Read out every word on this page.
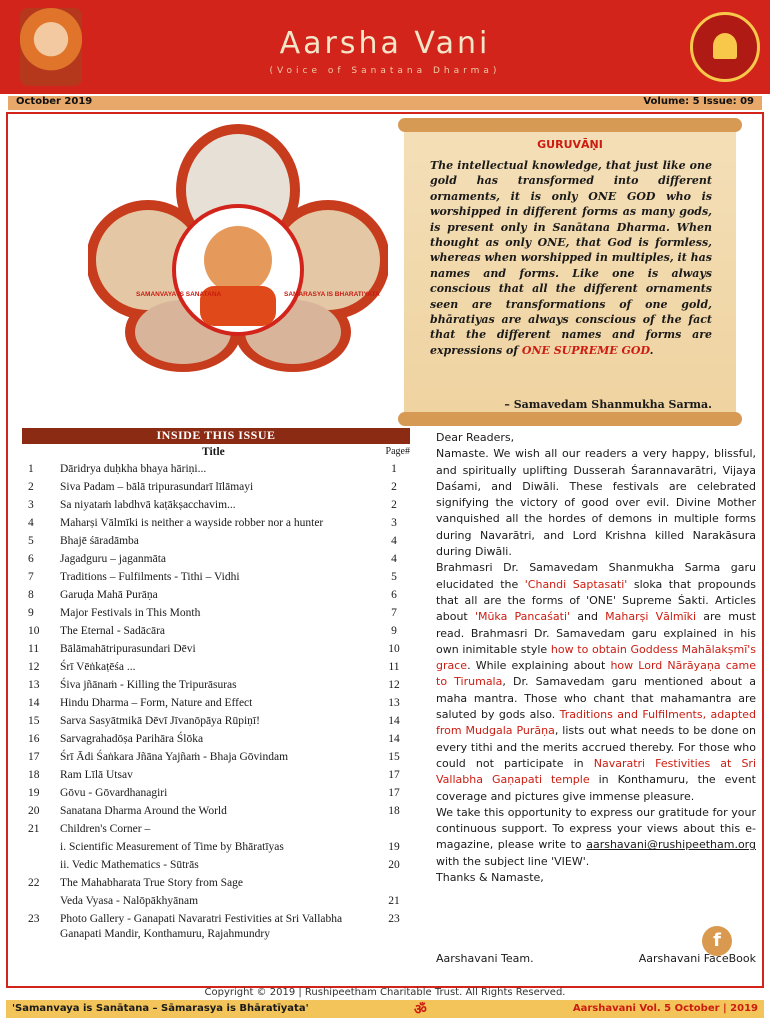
Aarsha Vani
(Voice of Sanatana Dharma)
October 2019	Volume: 5 Issue: 09
SAMANVAYA IS SANATANA	SAMARASYA IS BHARATIYATA
GURUVĀṆI
The intellectual knowledge, that just like one gold has transformed into different ornaments, it is only ONE GOD who is worshipped in different forms as many gods, is present only in Sanātana Dharma. When thought as only ONE, that God is formless, whereas when worshipped in multiples, it has names and forms. Like one is always conscious that all the different ornaments seen are transformations of one gold, bhāratiyas are always conscious of the fact that the different names and forms are expressions of ONE SUPREME GOD.
– Samavedam Shanmukha Sarma.
INSIDE THIS ISSUE
Title	Page#
1	Dāridrya duḥkha bhaya hāriṇi...	1
2	Siva Padam – bālā tripurasundarī līlāmayi	2
3	Sa niyataṁ labdhvā kaṭākṣacchavim...	2
4	Maharṣi Vālmīki is neither a wayside robber nor a hunter	3
5	Bhajē śāradāmba	4
6	Jagadguru – jaganmāta	4
7	Traditions – Fulfilments - Tithi – Vidhi	5
8	Garuḍa Mahā Purāṇa	6
9	Major Festivals in This Month	7
10	The Eternal - Sadācāra	9
11	Bālāmahātripurasundari Dēvi	10
12	Śrī Vēṅkaṭēśa ...	11
13	Śiva jñānaṁ - Killing the Tripurāsuras	12
14	Hindu Dharma – Form, Nature and Effect	13
15	Sarva Sasyātmikā Dēvī Jīvanōpāya Rūpiṇī!	14
16	Sarvagrahadōṣa Parihāra Ślōka	14
17	Śrī Ādi Śaṅkara Jñāna Yajñaṁ - Bhaja Gōvindam	15
18	Ram Līlā Utsav	17
19	Gōvu - Gōvardhanagiri	17
20	Sanatana Dharma Around the World	18
21	Children's Corner –
i. Scientific Measurement of Time by Bhāratīyas	19
ii. Vedic Mathematics - Sūtrās	20
22	The Mahabharata True Story from Sage
Veda Vyasa - Nalōpākhyānam	21
23	Photo Gallery - Ganapati Navaratri Festivities at Sri Vallabha Ganapati Mandir, Konthamuru, Rajahmundry
23
Dear Readers,
Namaste. We wish all our readers a very happy, blissful, and spiritually uplifting Dusserah Śarannavarātri, Vijaya Daśami, and Diwāli. These festivals are celebrated signifying the victory of good over evil. Divine Mother vanquished all the hordes of demons in multiple forms during Navarātri, and Lord Krishna killed Narakāsura during Diwāli.
Brahmasri Dr. Samavedam Shanmukha Sarma garu elucidated the 'Chandi Saptasati' sloka that propounds that all are the forms of 'ONE' Supreme Śakti. Articles about 'Mūka Pancaśati' and Maharṣi Vālmīki are must read. Brahmasri Dr. Samavedam garu explained in his own inimitable style how to obtain Goddess Mahālakṣmī's grace. While explaining about how Lord Nārāyaṇa came to Tirumala, Dr. Samavedam garu mentioned about a maha mantra. Those who chant that mahamantra are saluted by gods also. Traditions and Fulfilments, adapted from Mudgala Purāṇa, lists out what needs to be done on every tithi and the merits accrued thereby. For those who could not participate in Navaratri Festivities at Sri Vallabha Gaṇapati temple in Konthamuru, the event coverage and pictures give immense pleasure.
We take this opportunity to express our gratitude for your continuous support. To express your views about this e-magazine, please write to aarshavani@rushipeetham.org with the subject line 'VIEW'.
Thanks & Namaste,
f
Aarshavani Team.	Aarshavani FaceBook
Copyright © 2019 | Rushipeetham Charitable Trust. All Rights Reserved.
'Samanvaya is Sanātana – Sāmarasya is Bhāratīyata'	ॐ	Aarshavani Vol. 5 October | 2019
